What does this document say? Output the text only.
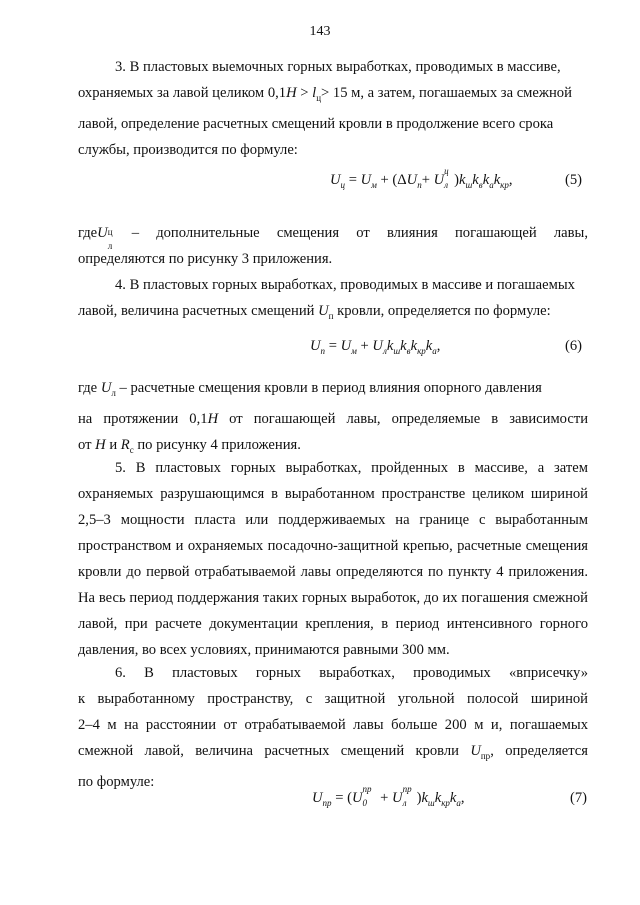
143
3. В пластовых выемочных горных выработках, проводимых в массиве,
охраняемых за лавой целиком $0,1H > l_ц> 15$ м, а затем, погашаемых за смежной
лавой, определение расчетных смещений кровли в продолжение всего срока
службы, производится по формуле:
$U_ц = U_м + (\Delta U_п+ U$
ц
л )$k_шk_вk_ak_{кр}$,	(5)
где U ц
л
– дополнительные смещения от влияния погашающей лавы,
определяются по рисунку 3 приложения.
4. В пластовых горных выработках, проводимых в массиве и погашаемых
лавой, величина расчетных смещений $U_п$ кровли, определяется по формуле:
$U_п = U_м + U_лk_шk_вk_{кр}k_a$,	(6)
где $U_л$ – расчетные смещения кровли в период влияния опорного давления
на протяжении 0,1H от погашающей лавы, определяемые в зависимости
от H и $R_c$ по рисунку 4 приложения.
5. В пластовых горных выработках, пройденных в массиве, а затем
охраняемых разрушающимся в выработанном пространстве целиком шириной
2,5–3 мощности пласта или поддерживаемых на границе с выработанным
пространством и охраняемых посадочно-защитной крепью, расчетные смещения
кровли до первой отрабатываемой лавы определяются по пункту 4 приложения.
На весь период поддержания таких горных выработок, до их погашения смежной
лавой, при расчете документации крепления, в период интенсивного горного
давления, во всех условиях, принимаются равными 300 мм.
6. В пластовых горных выработках, проводимых «вприсечку»
к выработанному пространству, с защитной угольной полосой шириной
2–4 м на расстоянии от отрабатываемой лавы больше 200 м и, погашаемых
смежной лавой, величина расчетных смещений кровли $U_{пр}$, определяется
по формуле:
$U_{пр} = (U$
пр
0 + U
пр
л )$k_шk_{кр}k_a$,	(7)
